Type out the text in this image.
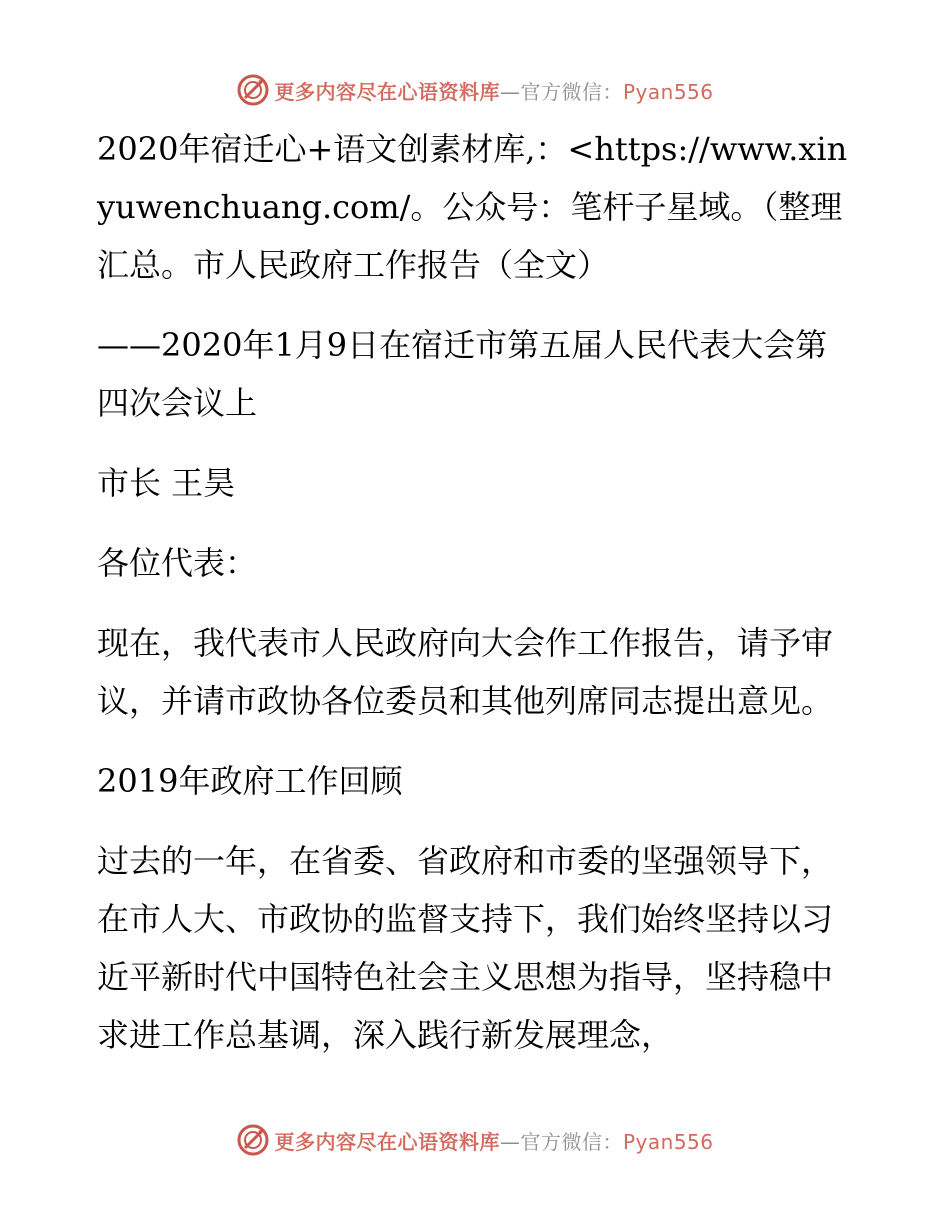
更多内容尽在心语资料库—官方微信：Pyan556

2020年宿迁心+语文创素材库,：<https://www.xinyuwenchuang.com/。公众号：笔杆子星域。（整理汇总。市人民政府工作报告（全文）

——2020年1月9日在宿迁市第五届人民代表大会第四次会议上

市长 王昊

各位代表：

现在，我代表市人民政府向大会作工作报告，请予审议，并请市政协各位委员和其他列席同志提出意见。

2019年政府工作回顾

过去的一年，在省委、省政府和市委的坚强领导下，在市人大、市政协的监督支持下，我们始终坚持以习近平新时代中国特色社会主义思想为指导，坚持稳中求进工作总基调，深入践行新发展理念，

更多内容尽在心语资料库—官方微信：Pyan556
